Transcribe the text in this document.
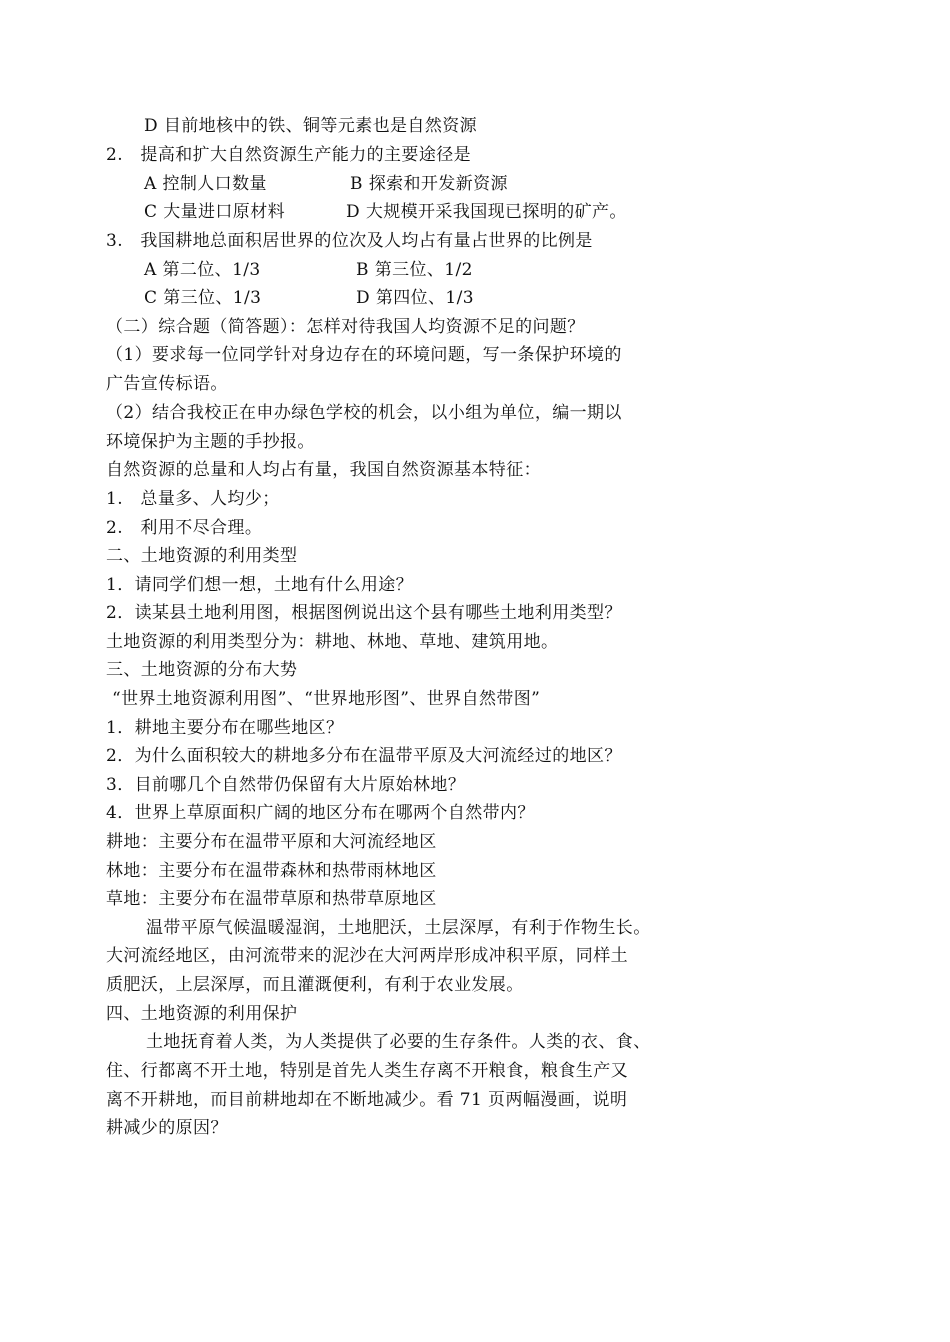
D 目前地核中的铁、铜等元素也是自然资源
2.　提高和扩大自然资源生产能力的主要途径是
A 控制人口数量	B 探索和开发新资源
C 大量进口原材料	D 大规模开采我国现已探明的矿产。
3.　我国耕地总面积居世界的位次及人均占有量占世界的比例是
A 第二位、1/3	B 第三位、1/2
C 第三位、1/3	D 第四位、1/3
（二）综合题（简答题）：怎样对待我国人均资源不足的问题？
（1）要求每一位同学针对身边存在的环境问题，写一条保护环境的
广告宣传标语。
（2）结合我校正在申办绿色学校的机会，以小组为单位，编一期以
环境保护为主题的手抄报。
自然资源的总量和人均占有量，我国自然资源基本特征：
1.　总量多、人均少；
2.　利用不尽合理。
二、土地资源的利用类型
1．请同学们想一想，土地有什么用途？
2．读某县土地利用图，根据图例说出这个县有哪些土地利用类型？
土地资源的利用类型分为：耕地、林地、草地、建筑用地。
三、土地资源的分布大势
“世界土地资源利用图”、“世界地形图”、世界自然带图”
1．耕地主要分布在哪些地区？
2．为什么面积较大的耕地多分布在温带平原及大河流经过的地区？
3．目前哪几个自然带仍保留有大片原始林地？
4．世界上草原面积广阔的地区分布在哪两个自然带内？
耕地：主要分布在温带平原和大河流经地区
林地：主要分布在温带森林和热带雨林地区
草地：主要分布在温带草原和热带草原地区
温带平原气候温暖湿润，土地肥沃，土层深厚，有利于作物生长。
大河流经地区，由河流带来的泥沙在大河两岸形成冲积平原，同样土
质肥沃，上层深厚，而且灌溉便利，有利于农业发展。
四、土地资源的利用保护
土地抚育着人类，为人类提供了必要的生存条件。人类的衣、食、
住、行都离不开土地，特别是首先人类生存离不开粮食，粮食生产又
离不开耕地，而目前耕地却在不断地减少。看 71 页两幅漫画，说明
耕减少的原因？
